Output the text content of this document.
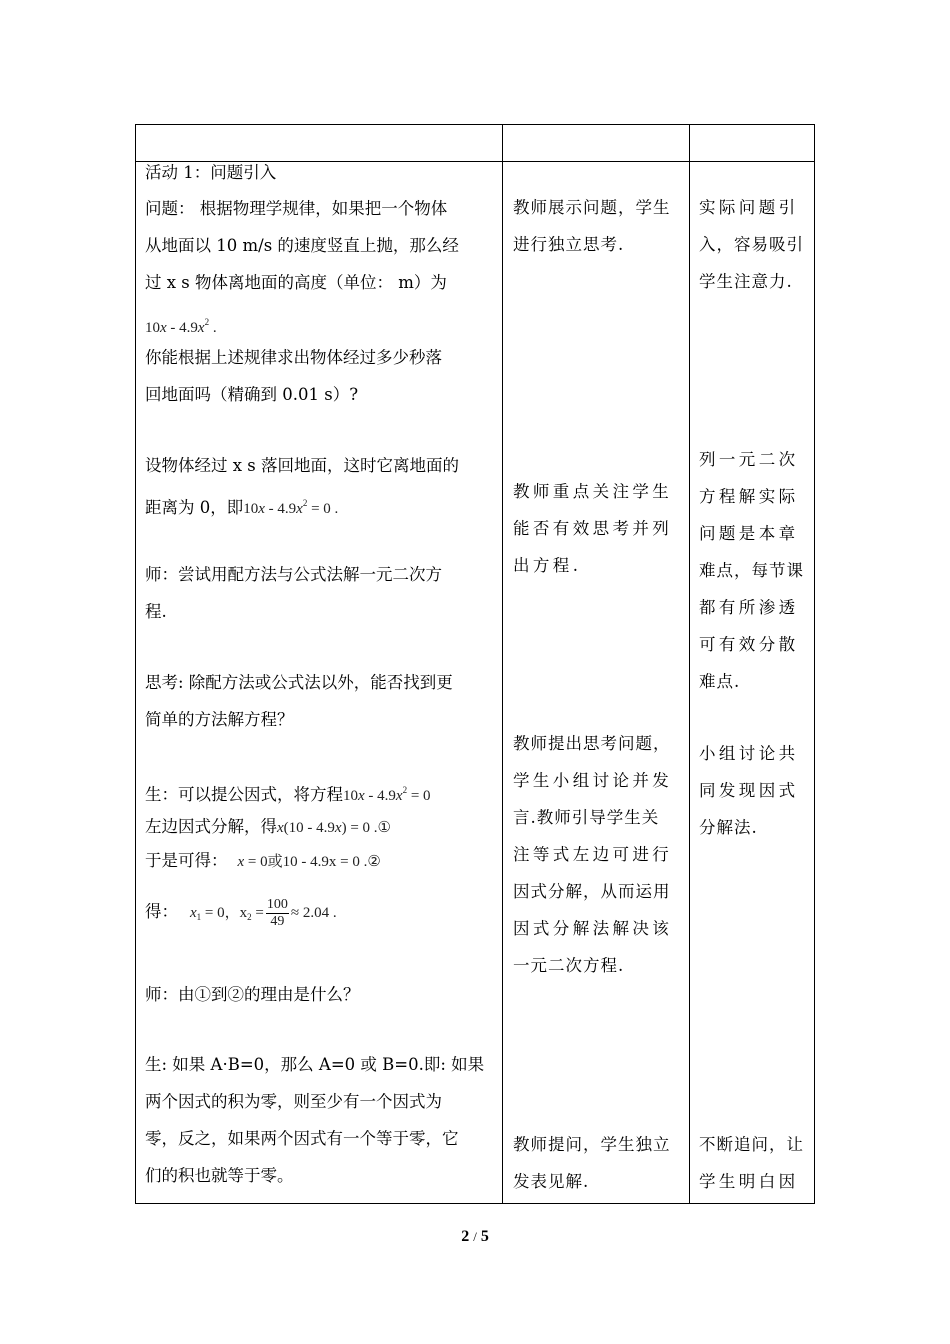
活动 1：问题引入
问题： 根据物理学规律，如果把一个物体
从地面以 10 m/s 的速度竖直上抛，那么经
过 x s 物体离地面的高度（单位： m）为
$10x - 4.9x^2$ .
你能根据上述规律求出物体经过多少秒落
回地面吗（精确到 0.01 s）?
设物体经过 x s 落回地面，这时它离地面的
距离为 0，即$10x - 4.9x^2 = 0$ .
师：尝试用配方法与公式法解一元二次方
程.
思考: 除配方法或公式法以外，能否找到更
简单的方法解方程？
生：可以提公因式，将方程$10x - 4.9x^2 = 0$
左边因式分解，得x(10 - 4.9x) = 0 .①
于是可得： x = 0或10 - 4.9x = 0 .②
得： $x_1 = 0$，$x_2 = \frac{100}{49} \approx 2.04$ .
师：由①到②的理由是什么？
生: 如果 A·B=0，那么 A=0 或 B=0.即: 如果
两个因式的积为零，则至少有一个因式为
零，反之，如果两个因式有一个等于零，它
们的积也就等于零。
教师展示问题，学生
进行独立思考.
教师重点关注学生
能否有效思考并列
出方程.
教师提出思考问题，
学生小组讨论并发
言.教师引导学生关
注等式左边可进行
因式分解，从而运用
因式分解法解决该
一元二次方程.
教师提问，学生独立
发表见解.
实际问题引
入，容易吸引
学生注意力.
列一元二次
方程解实际
问题是本章
难点，每节课
都有所渗透
可有效分散
难点.
小组讨论共
同发现因式
分解法.
不断追问，让
学生明白因
2 / 5
